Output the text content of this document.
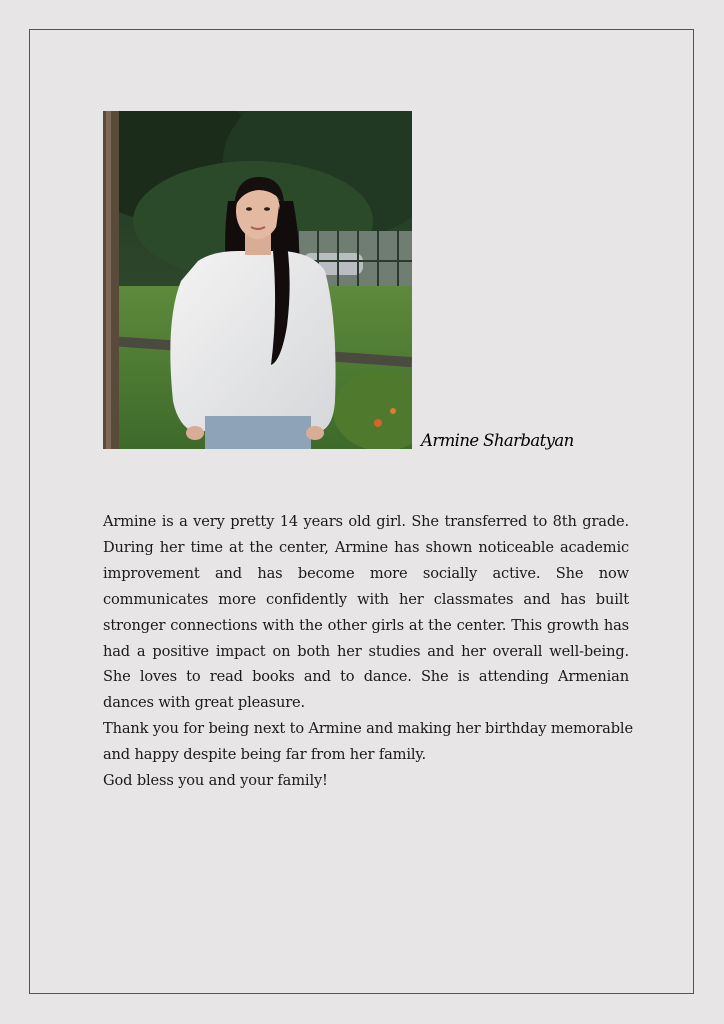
Armine Sharbatyan

Armine is a very pretty 14 years old girl. She transferred to 8th grade. During her time at the center, Armine has shown noticeable academic improvement and has become more socially active. She now communicates more confidently with her classmates and has built stronger connections with the other girls at the center. This growth has had a positive impact on both her studies and her overall well-being. She loves to read books and to dance. She is attending Armenian dances with great pleasure.

Thank you for being next to Armine and making her birthday memorable

and happy despite being far from her family.

God bless you and your family!
